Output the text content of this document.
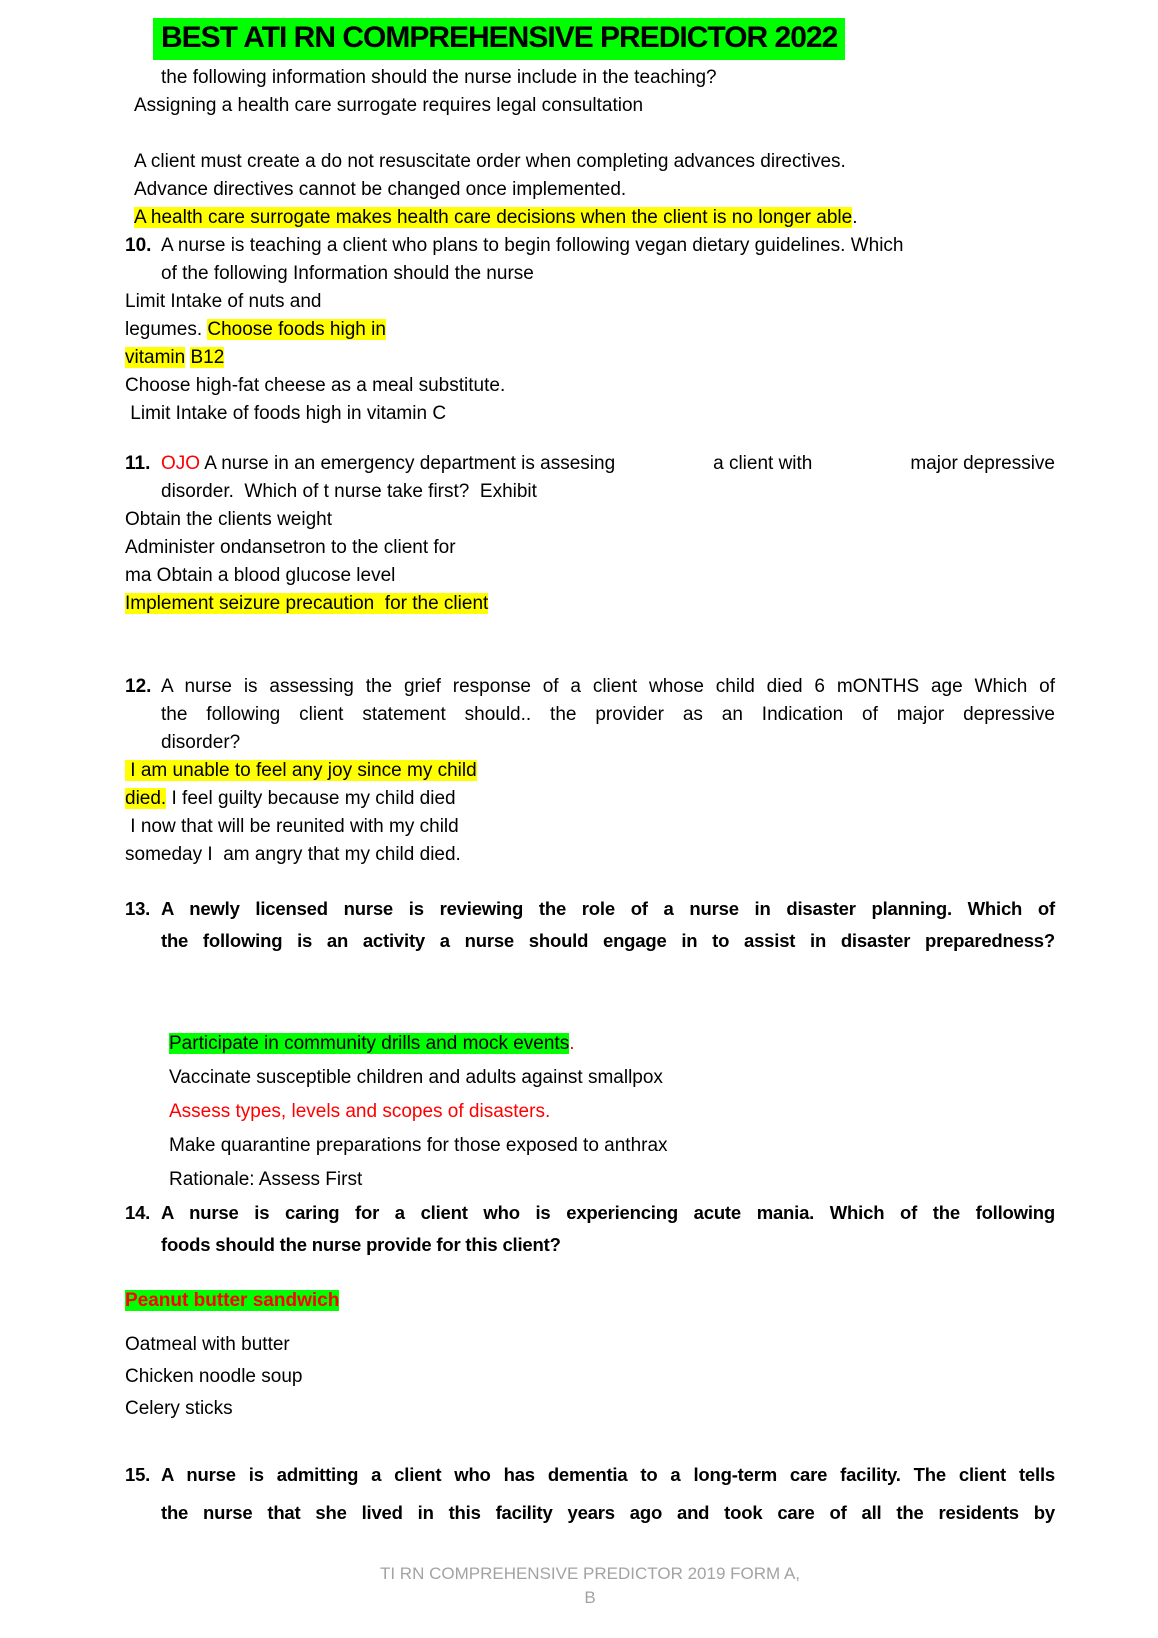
BEST ATI RN COMPREHENSIVE PREDICTOR 2022
the following information should the nurse include in the teaching?
Assigning a health care surrogate requires legal consultation
A client must create a do not resuscitate order when completing advances directives.
Advance directives cannot be changed once implemented.
A health care surrogate makes health care decisions when the client is no longer able.
10. A nurse is teaching a client who plans to begin following vegan dietary guidelines. Which
of the following Information should the nurse
Limit Intake of nuts and
legumes. Choose foods high in
vitamin B12
Choose high-fat cheese as a meal substitute.
Limit Intake of foods high in vitamin C
11. OJO A nurse in an emergency department is assesing	a client with	major depressive
disorder.  Which of t nurse take first?  Exhibit
Obtain the clients weight
Administer ondansetron to the client for
ma Obtain a blood glucose level
Implement seizure precaution  for the client
12. A nurse is assessing the grief response of a client whose child died 6 mONTHS age Which of
the following client statement should.. the provider as an Indication of major depressive
disorder?
I am unable to feel any joy since my child
died. I feel guilty because my child died
I now that will be reunited with my child
someday I  am angry that my child died.
13. A newly licensed nurse is reviewing the role of a nurse in disaster planning. Which of
the following is an activity a nurse should engage in to assist in disaster preparedness?
Participate in community drills and mock events.
Vaccinate susceptible children and adults against smallpox
Assess types, levels and scopes of disasters.
Make quarantine preparations for those exposed to anthrax
Rationale: Assess First
14. A nurse is caring for a client who is experiencing acute mania. Which of the following
foods should the nurse provide for this client?
Peanut butter sandwich
Oatmeal with butter
Chicken noodle soup
Celery sticks
15. A nurse is admitting a client who has dementia to a long-term care facility. The client tells
the nurse that she lived in this facility years ago and took care of all the residents by
TI RN COMPREHENSIVE PREDICTOR 2019 FORM A,
B
